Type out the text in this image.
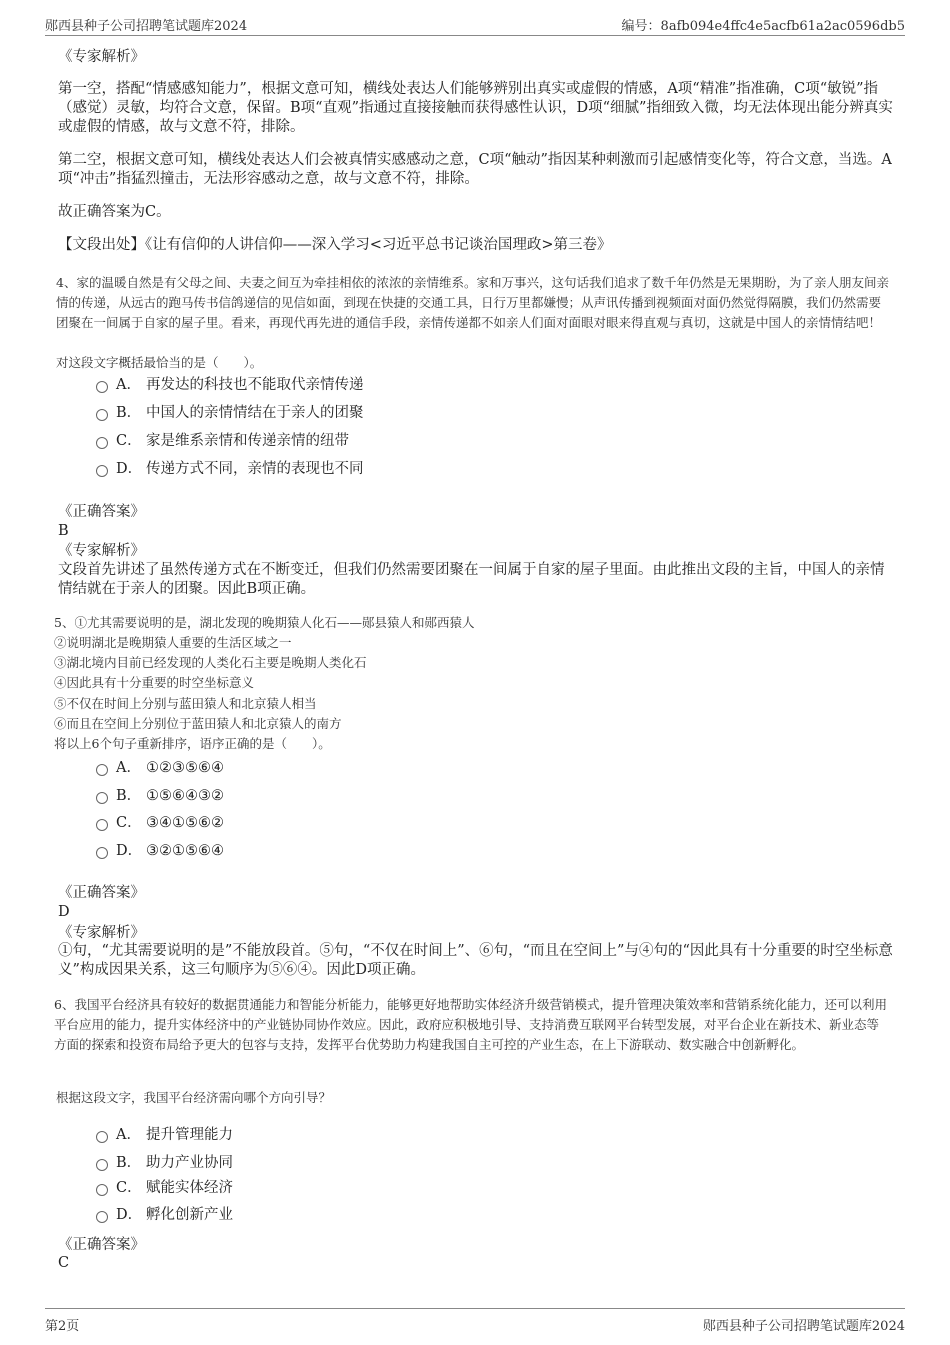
郧西县种子公司招聘笔试题库2024	编号：8afb094e4ffc4e5acfb61a2ac0596db5

《专家解析》

第一空，搭配“情感感知能力”，根据文意可知，横线处表达人们能够辨别出真实或虚假的情感，A项“精准”指准确，C项“敏锐”指（感觉）灵敏，均符合文意，保留。B项“直观”指通过直接接触而获得感性认识，D项“细腻”指细致入微，均无法体现出能分辨真实或虚假的情感，故与文意不符，排除。

第二空，根据文意可知，横线处表达人们会被真情实感感动之意，C项“触动”指因某种刺激而引起感情变化等，符合文意，当选。A项“冲击”指猛烈撞击，无法形容感动之意，故与文意不符，排除。

故正确答案为C。

【文段出处】《让有信仰的人讲信仰——深入学习<习近平总书记谈治国理政>第三卷》

4、家的温暖自然是有父母之间、夫妻之间互为牵挂相依的浓浓的亲情维系。家和万事兴，这句话我们追求了数千年仍然是无果期盼，为了亲人朋友间亲情的传递，从远古的跑马传书信鸽递信的见信如面，到现在快捷的交通工具，日行万里都嫌慢；从声讯传播到视频面对面仍然觉得隔膜，我们仍然需要团聚在一间属于自家的屋子里。看来，再现代再先进的通信手段，亲情传递都不如亲人们面对面眼对眼来得直观与真切，这就是中国人的亲情情结吧！

对这段文字概括最恰当的是（　　）。

A． 再发达的科技也不能取代亲情传递
B． 中国人的亲情情结在于亲人的团聚
C． 家是维系亲情和传递亲情的纽带
D． 传递方式不同，亲情的表现也不同

《正确答案》

B

《专家解析》

文段首先讲述了虽然传递方式在不断变迁，但我们仍然需要团聚在一间属于自家的屋子里面。由此推出文段的主旨，中国人的亲情情结就在于亲人的团聚。因此B项正确。

5、①尤其需要说明的是，湖北发现的晚期猿人化石——郧县猿人和郧西猿人

②说明湖北是晚期猿人重要的生活区域之一

③湖北境内目前已经发现的人类化石主要是晚期人类化石

④因此具有十分重要的时空坐标意义

⑤不仅在时间上分别与蓝田猿人和北京猿人相当

⑥而且在空间上分别位于蓝田猿人和北京猿人的南方

将以上6个句子重新排序，语序正确的是（　　）。

A． ①②③⑤⑥④
B． ①⑤⑥④③②
C． ③④①⑤⑥②
D． ③②①⑤⑥④

《正确答案》

D

《专家解析》

①句，“尤其需要说明的是”不能放段首。⑤句，“不仅在时间上”、⑥句，“而且在空间上”与④句的“因此具有十分重要的时空坐标意义”构成因果关系，这三句顺序为⑤⑥④。因此D项正确。

6、我国平台经济具有较好的数据贯通能力和智能分析能力，能够更好地帮助实体经济升级营销模式，提升管理决策效率和营销系统化能力，还可以利用平台应用的能力，提升实体经济中的产业链协同协作效应。因此，政府应积极地引导、支持消费互联网平台转型发展，对平台企业在新技术、新业态等方面的探索和投资布局给予更大的包容与支持，发挥平台优势助力构建我国自主可控的产业生态，在上下游联动、数实融合中创新孵化。

根据这段文字，我国平台经济需向哪个方向引导？

A． 提升管理能力
B． 助力产业协同
C． 赋能实体经济
D． 孵化创新产业

《正确答案》

C

第2页	郧西县种子公司招聘笔试题库2024
